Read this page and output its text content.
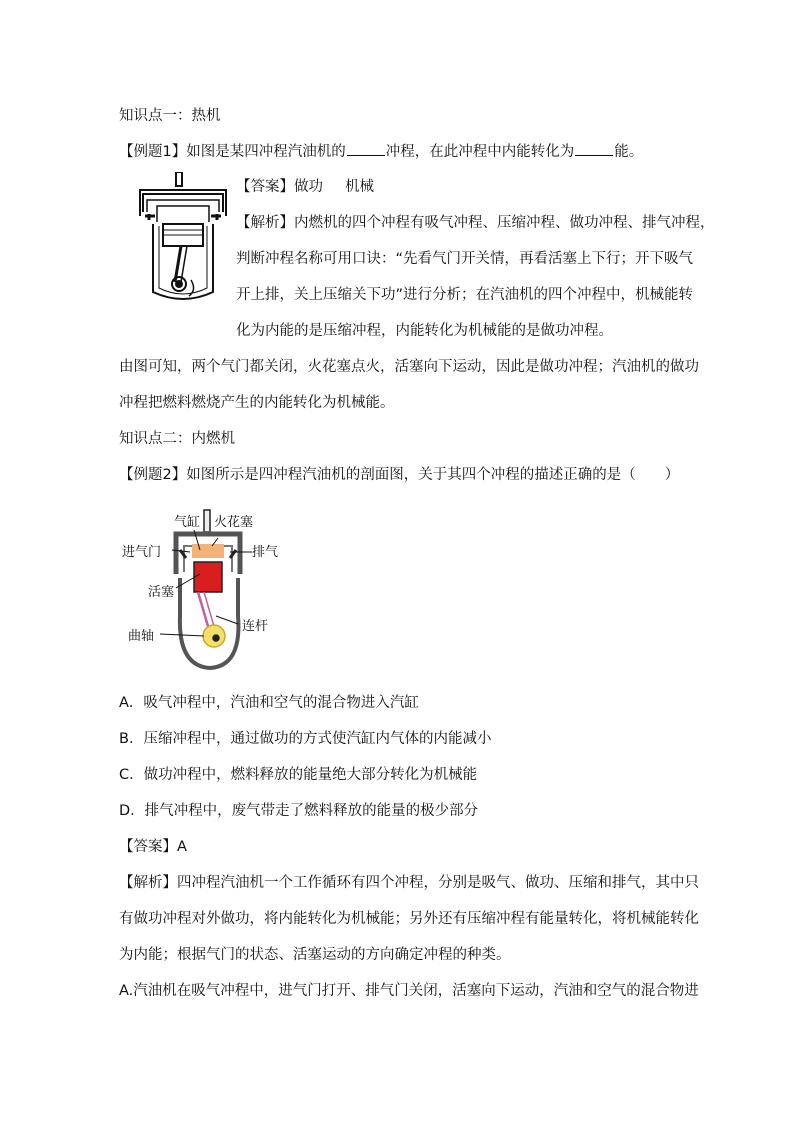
知识点一：热机
【例题1】如图是某四冲程汽油机的	冲程，在此冲程中内能转化为	能。
【答案】做功 机械
【解析】内燃机的四个冲程有吸气冲程、压缩冲程、做功冲程、排气冲程，
判断冲程名称可用口诀：“先看气门开关情，再看活塞上下行；开下吸气
开上排，关上压缩关下功”进行分析；在汽油机的四个冲程中，机械能转
化为内能的是压缩冲程，内能转化为机械能的是做功冲程。
由图可知，两个气门都关闭，火花塞点火，活塞向下运动，因此是做功冲程；汽油机的做功
冲程把燃料燃烧产生的内能转化为机械能。
知识点二：内燃机
【例题2】如图所示是四冲程汽油机的剖面图，关于其四个冲程的描述正确的是（　　）
气缸 火花塞
进气门	排气
活塞
连杆
曲轴
A．吸气冲程中，汽油和空气的混合物进入汽缸
B．压缩冲程中，通过做功的方式使汽缸内气体的内能减小
C．做功冲程中，燃料释放的能量绝大部分转化为机械能
D．排气冲程中，废气带走了燃料释放的能量的极少部分
【答案】A
【解析】四冲程汽油机一个工作循环有四个冲程，分别是吸气、做功、压缩和排气，其中只
有做功冲程对外做功，将内能转化为机械能；另外还有压缩冲程有能量转化，将机械能转化
为内能；根据气门的状态、活塞运动的方向确定冲程的种类。
A.汽油机在吸气冲程中，进气门打开、排气门关闭，活塞向下运动，汽油和空气的混合物进
